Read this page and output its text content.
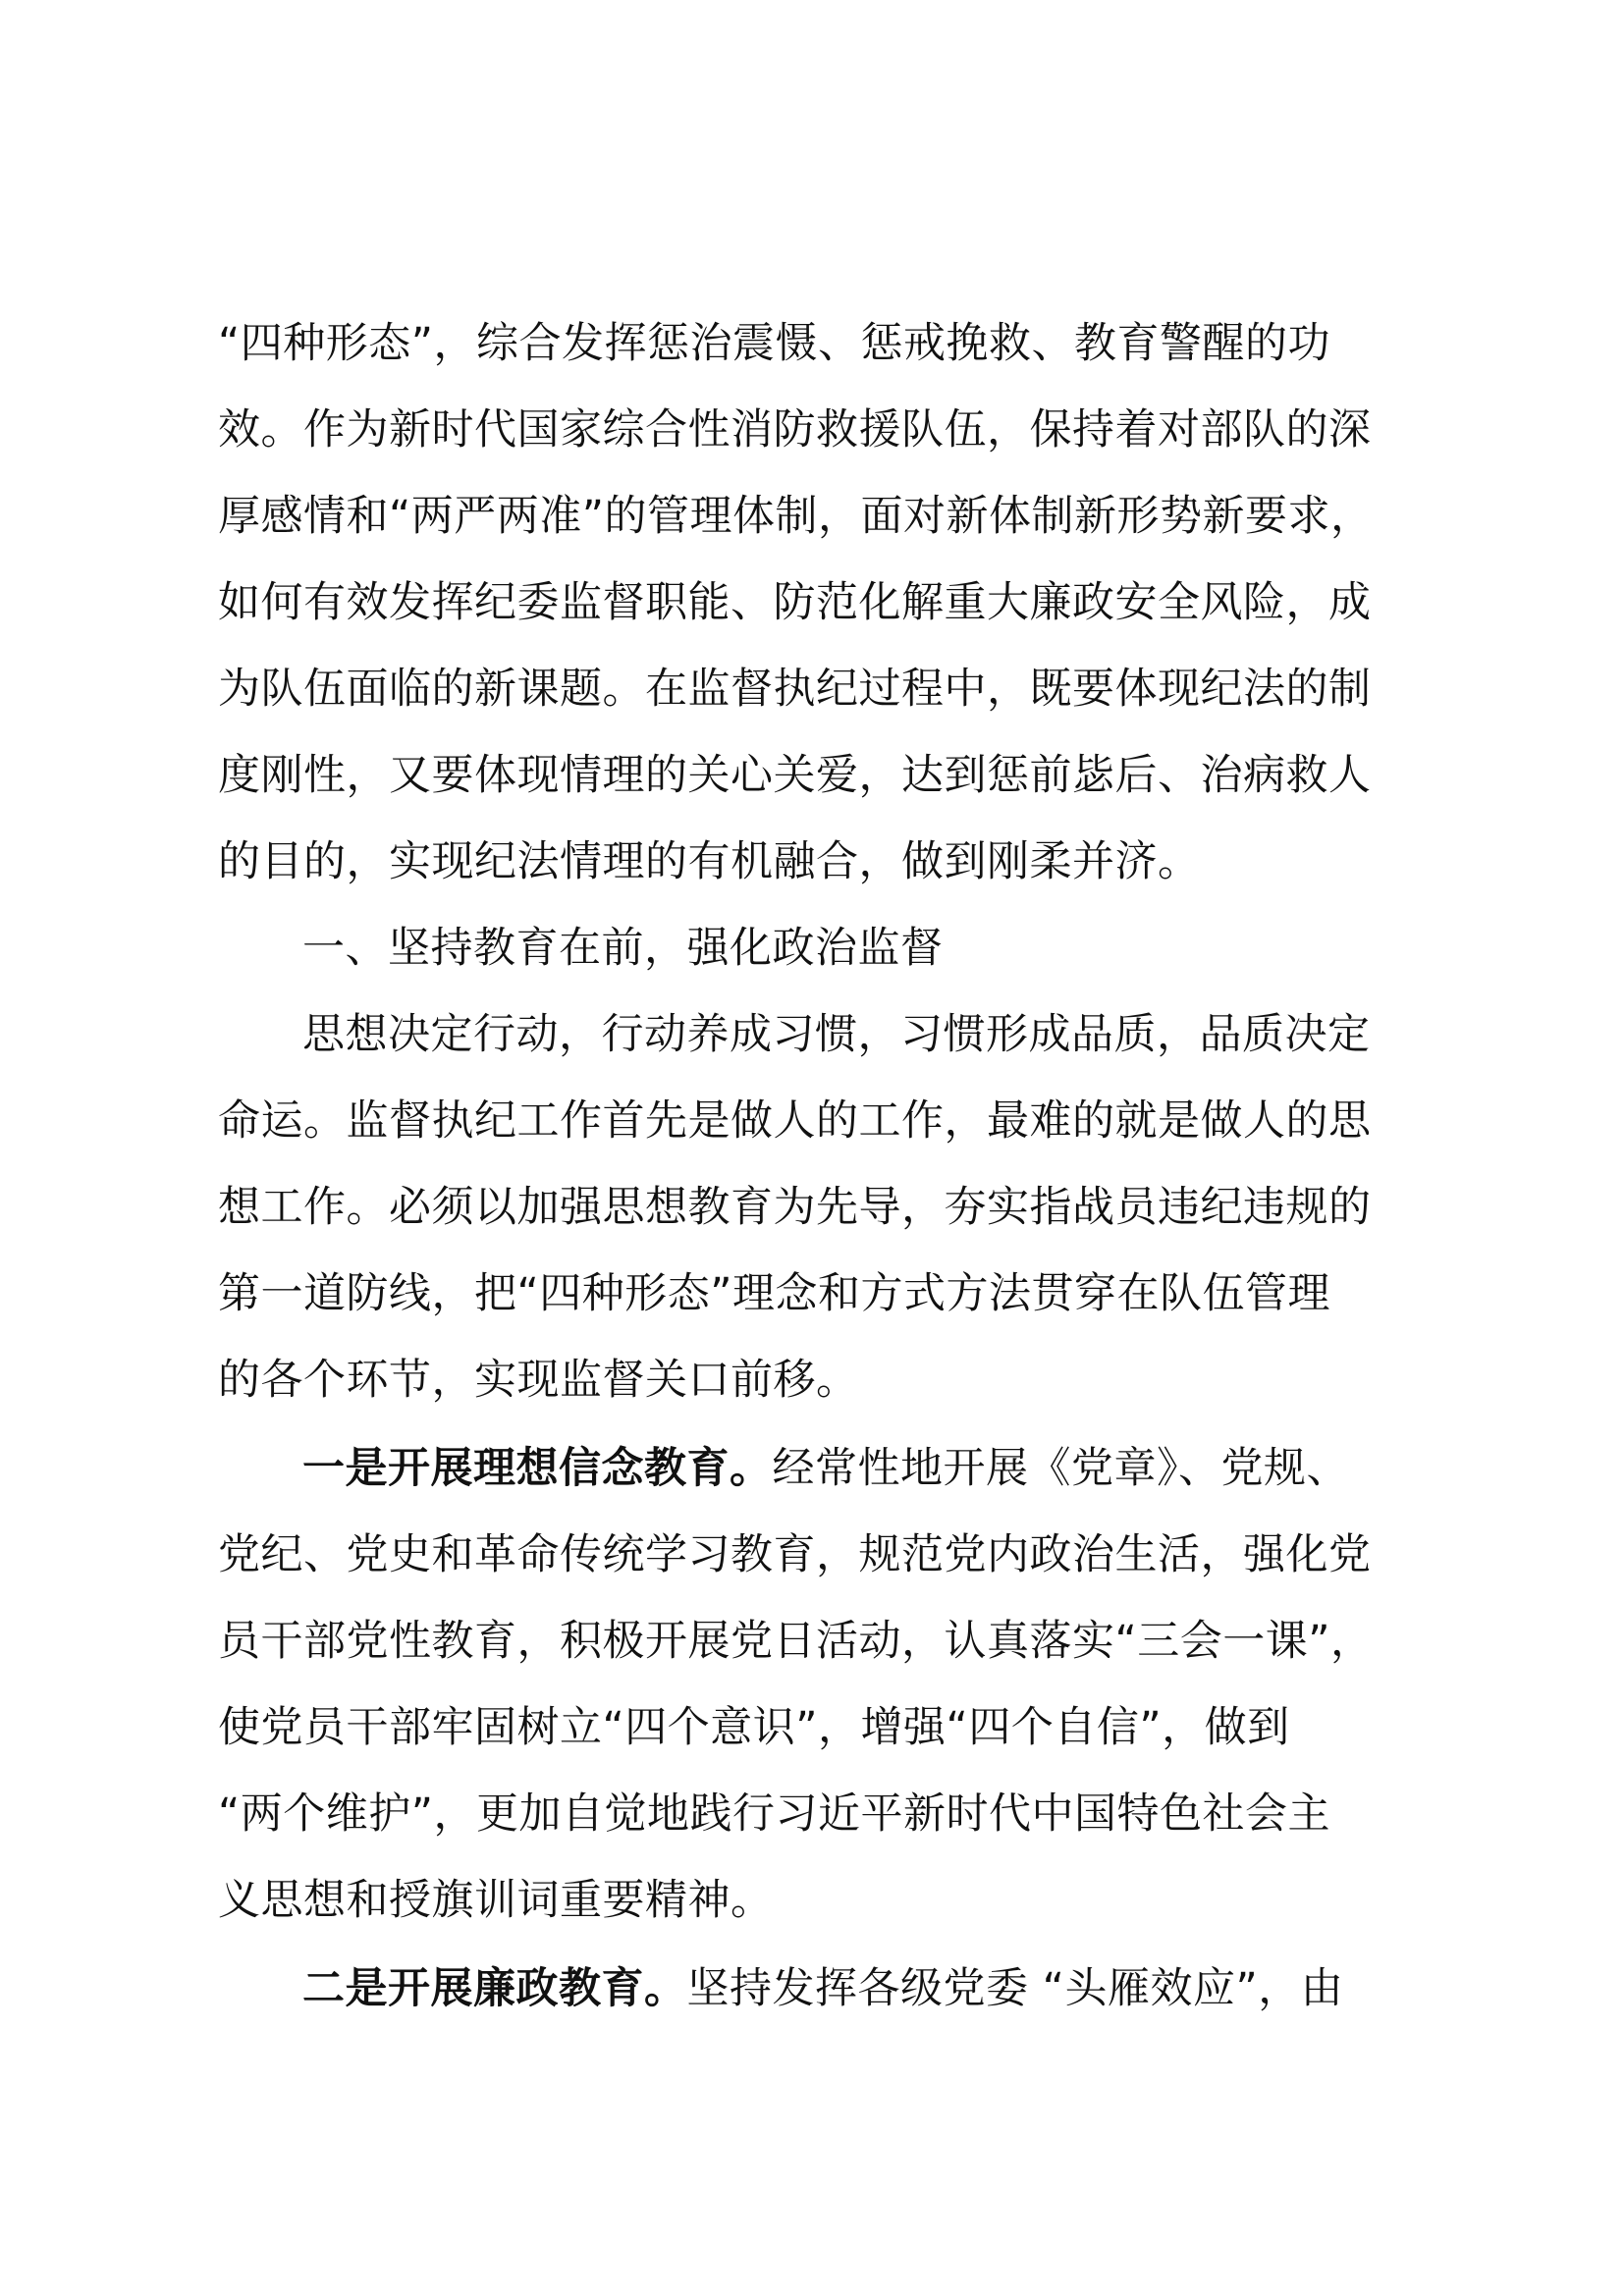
“四种形态”，综合发挥惩治震慑、惩戒挽救、教育警醒的功
效。作为新时代国家综合性消防救援队伍，保持着对部队的深
厚感情和“两严两准”的管理体制，面对新体制新形势新要求，
如何有效发挥纪委监督职能、防范化解重大廉政安全风险，成
为队伍面临的新课题。在监督执纪过程中，既要体现纪法的制
度刚性，又要体现情理的关心关爱，达到惩前毖后、治病救人
的目的，实现纪法情理的有机融合，做到刚柔并济。
一、坚持教育在前，强化政治监督
思想决定行动，行动养成习惯，习惯形成品质，品质决定
命运。监督执纪工作首先是做人的工作，最难的就是做人的思
想工作。必须以加强思想教育为先导，夯实指战员违纪违规的
第一道防线，把“四种形态”理念和方式方法贯穿在队伍管理
的各个环节，实现监督关口前移。
一是开展理想信念教育。经常性地开展《党章》、党规、
党纪、党史和革命传统学习教育，规范党内政治生活，强化党
员干部党性教育，积极开展党日活动，认真落实“三会一课”，
使党员干部牢固树立“四个意识”，增强“四个自信”，做到
“两个维护”，更加自觉地践行习近平新时代中国特色社会主
义思想和授旗训词重要精神。
二是开展廉政教育。坚持发挥各级党委 “头雁效应”，由
